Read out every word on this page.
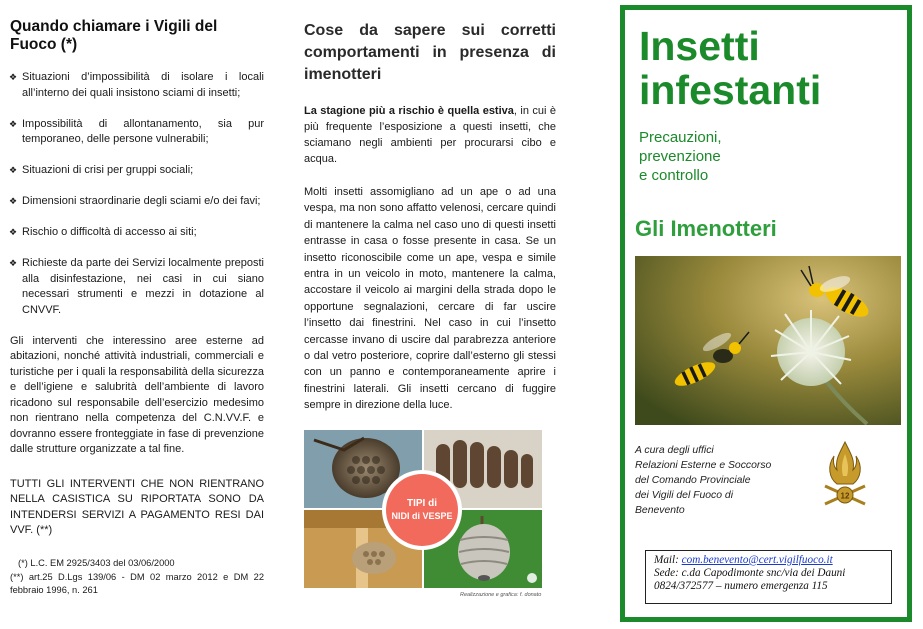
Quando chiamare i Vigili del Fuoco (*)
❖ Situazioni d’impossibilità di isolare i locali all’interno dei quali insistono sciami di insetti;
❖ Impossibilità di allontanamento, sia pur temporaneo, delle persone vulnerabili;
❖ Situazioni di crisi per gruppi sociali;
❖ Dimensioni straordinarie degli sciami e/o dei favi;
❖ Rischio o difficoltà di accesso ai siti;
❖ Richieste da parte dei Servizi localmente preposti alla disinfestazione, nei casi in cui siano necessari strumenti e mezzi in dotazione al CNVVF.

Gli interventi che interessino aree esterne ad abitazioni, nonché attività industriali, commerciali e turistiche per i quali la responsabilità della sicurezza e dell’igiene e salubrità dell’ambiente di lavoro ricadono sul responsabile dell’esercizio medesimo non rientrano nella competenza del C.N.VV.F. e dovranno essere fronteggiate in fase di prevenzione dalle strutture organizzate a tal fine.

TUTTI GLI INTERVENTI CHE NON RIENTRANO NELLA CASISTICA SU RIPORTATA SONO DA INTENDERSI SERVIZI A PAGAMENTO RESI DAI VVF. (**)

(*) L.C. EM 2925/3403 del 03/06/2000

(**) art.25 D.Lgs 139/06 - DM 02 marzo 2012 e DM 22 febbraio 1996, n. 261

Cose da sapere sui corretti comportamenti in presenza di imenotteri

La stagione più a rischio è quella estiva, in cui è più frequente l’esposizione a questi insetti, che sciamano negli ambienti per procurarsi cibo e acqua.

Molti insetti assomigliano ad un ape o ad una vespa, ma non sono affatto velenosi, cercare quindi di mantenere la calma nel caso uno di questi insetti entrasse in casa o fosse presente in casa. Se un insetto riconoscibile come un ape, vespa e simile entra in un veicolo in moto, mantenere la calma, accostare il veicolo ai margini della strada dopo le opportune segnalazioni, cercare di far uscire l’insetto dai finestrini. Nel caso in cui l’insetto cercasse invano di uscire dal parabrezza anteriore o dal vetro posteriore, coprire dall’esterno gli stessi con un panno e contemporaneamente aprire i finestrini laterali. Gli insetti cercano di fuggire sempre in direzione della luce.

TIPI di
NIDI di VESPE
Realizzazione e grafica: f. donato
Insetti
infestanti
Precauzioni,
prevenzione
e controllo
Gli Imenotteri
A cura degli uffici
Relazioni Esterne e Soccorso
del Comando Provinciale
dei Vigili del Fuoco di
Benevento
12
Mail: com.benevento@cert.vigilfuoco.it
Sede: c.da Capodimonte snc/via dei Dauni
0824/372577 – numero emergenza 115
